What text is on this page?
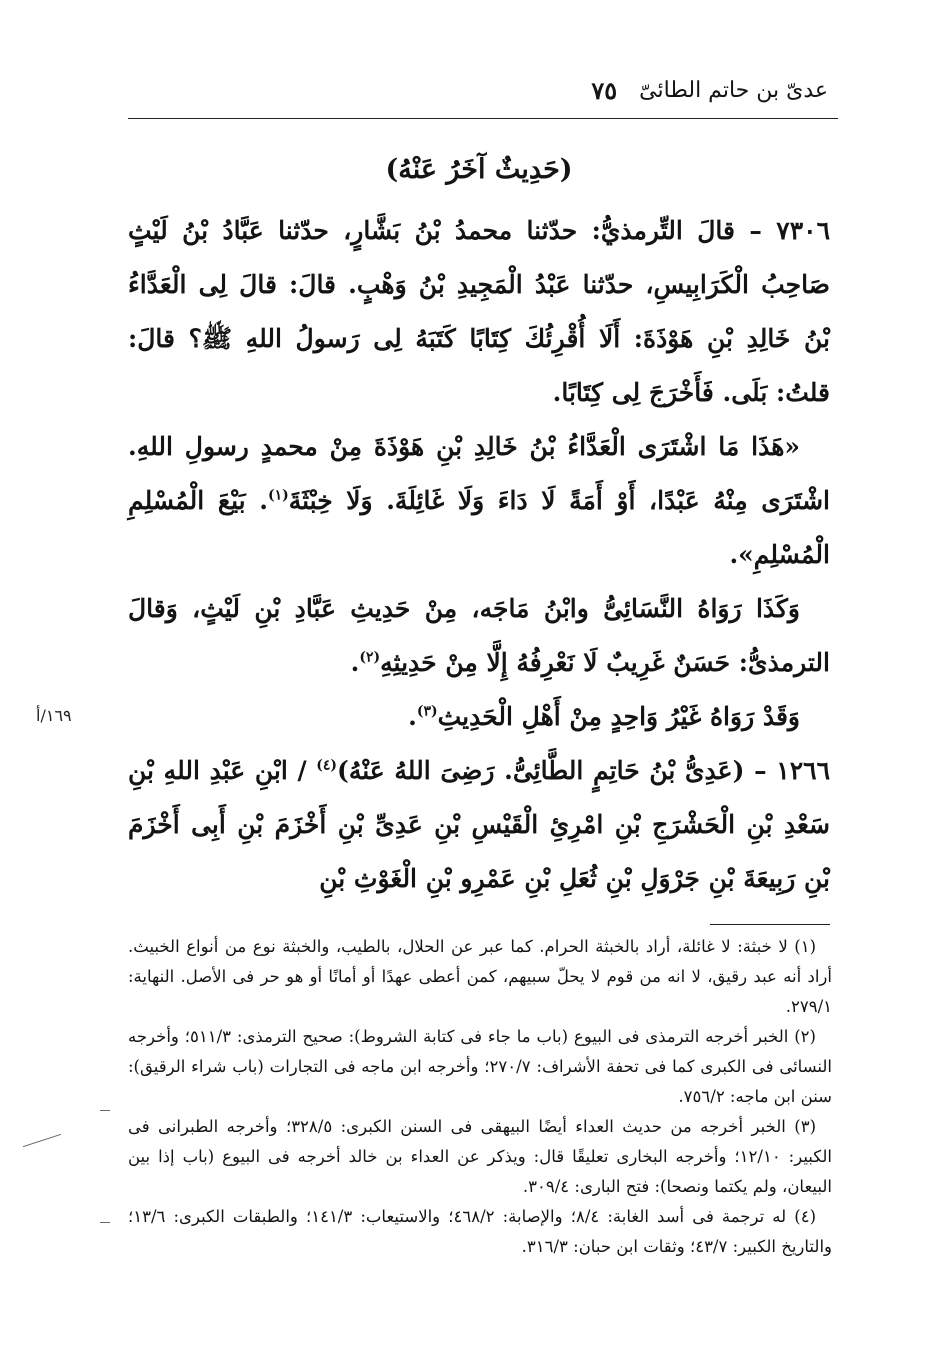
عدىّ بن حاتم الطائىّ
٧٥
(حَدِيثٌ آخَرُ عَنْهُ)

٧٣٠٦ – قالَ التِّرمذيُّ: حدّثنا محمدُ بْنُ بَشَّارٍ، حدّثنا عَبَّادُ بْنُ لَيْثٍ صَاحِبُ الْكَرَابِيسِ، حدّثنا عَبْدُ الْمَجِيدِ بْنُ وَهْبٍ. قالَ: قالَ لِى الْعَدَّاءُ بْنُ خَالِدِ بْنِ هَوْذَةَ: أَلَا أُقْرِئُكَ كِتَابًا كَتَبَهُ لِى رَسولُ اللهِ ﷺ؟ قالَ: قلتُ: بَلَى. فَأَخْرَجَ لِى كِتَابًا.

«هَذَا مَا اشْتَرَى الْعَدَّاءُ بْنُ خَالِدِ بْنِ هَوْذَةَ مِنْ محمدٍ رسولِ اللهِ. اشْتَرَى مِنْهُ عَبْدًا، أَوْ أَمَةً لَا دَاءَ وَلَا غَائِلَةَ. وَلَا خِبْثَةَ$^{(١)}$. بَيْعَ الْمُسْلِمِ الْمُسْلِمِ».

وَكَذَا رَوَاهُ النَّسَائِىُّ وابْنُ مَاجَه، مِنْ حَدِيثِ عَبَّادِ بْنِ لَيْثٍ، وَقالَ الترمذىُّ: حَسَنٌ غَرِيبٌ لَا نَعْرِفُهُ إِلَّا مِنْ حَدِيثِهِ$^{(٢)}$.

وَقَدْ رَوَاهُ غَيْرُ وَاحِدٍ مِنْ أَهْلِ الْحَدِيثِ$^{(٣)}$.

١٢٦٦ – (عَدِىُّ بْنُ حَاتِمٍ الطَّائِىُّ. رَضِىَ اللهُ عَنْهُ)$^{(٤)}$ / ابْنِ عَبْدِ اللهِ بْنِ سَعْدِ بْنِ الْحَشْرَجِ بْنِ امْرِئِ الْقَيْسِ بْنِ عَدِىِّ بْنِ أَخْزَمَ بْنِ أَبِى أَخْزَمَ بْنِ رَبِيعَةَ بْنِ جَرْوَلِ بْنِ ثُعَلِ بْنِ عَمْرِو بْنِ الْغَوْثِ بْنِ

١٦٩/أ

(١) لا خبثة: لا غائلة، أراد بالخبثة الحرام. كما عبر عن الحلال، بالطيب، والخبثة نوع من أنواع الخبيث. أراد أنه عبد رقيق، لا انه من قوم لا يحلّ سبيهم، كمن أعطى عهدًا أو أمانًا أو هو حر فى الأصل. النهاية: ٢٧٩/١.

(٢) الخبر أخرجه الترمذى فى البيوع (باب ما جاء فى كتابة الشروط): صحيح الترمذى: ٥١١/٣؛ وأخرجه النسائى فى الكبرى كما فى تحفة الأشراف: ٢٧٠/٧؛ وأخرجه ابن ماجه فى التجارات (باب شراء الرقيق): سنن ابن ماجه: ٧٥٦/٢.

(٣) الخبر أخرجه من حديث العداء أيضًا البيهقى فى السنن الكبرى: ٣٢٨/٥؛ وأخرجه الطبرانى فى الكبير: ١٢/١٠؛ وأخرجه البخارى تعليقًا قال: ويذكر عن العداء بن خالد أخرجه فى البيوع (باب إذا بين البيعان، ولم يكتما ونصحا): فتح البارى: ٣٠٩/٤.

(٤) له ترجمة فى أسد الغابة: ٨/٤؛ والإصابة: ٤٦٨/٢؛ والاستيعاب: ١٤١/٣؛ والطبقات الكبرى: ١٣/٦؛ والتاريخ الكبير: ٤٣/٧؛ وثقات ابن حبان: ٣١٦/٣.
